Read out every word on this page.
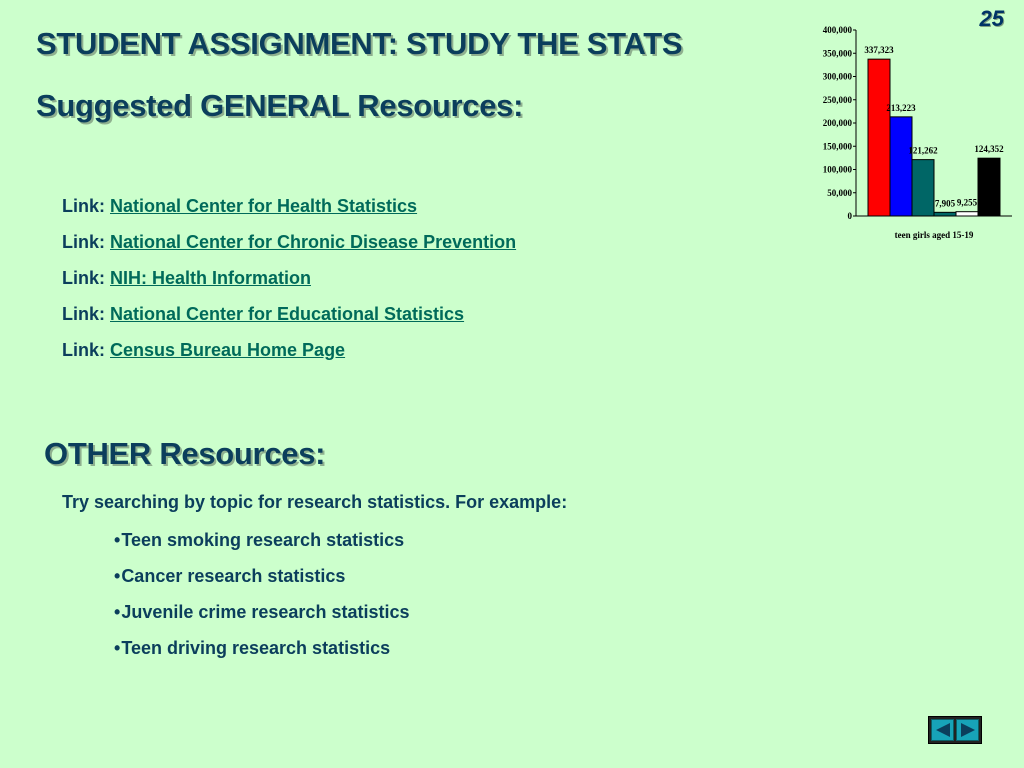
25
STUDENT ASSIGNMENT: STUDY THE STATS
Suggested GENERAL Resources:
Link: National Center for Health Statistics
Link: National Center for Chronic Disease Prevention
Link: NIH: Health Information
Link: National Center for Educational Statistics
Link: Census Bureau Home Page
OTHER Resources:

Try searching by topic for research statistics. For example:

•Teen smoking research statistics
•Cancer research statistics
•Juvenile crime research statistics
•Teen driving research statistics
0
50,000
100,000
150,000
200,000
250,000
300,000
350,000
400,000
337,323
213,223
121,262
7,905 9,255
124,352
teen girls aged 15-19
